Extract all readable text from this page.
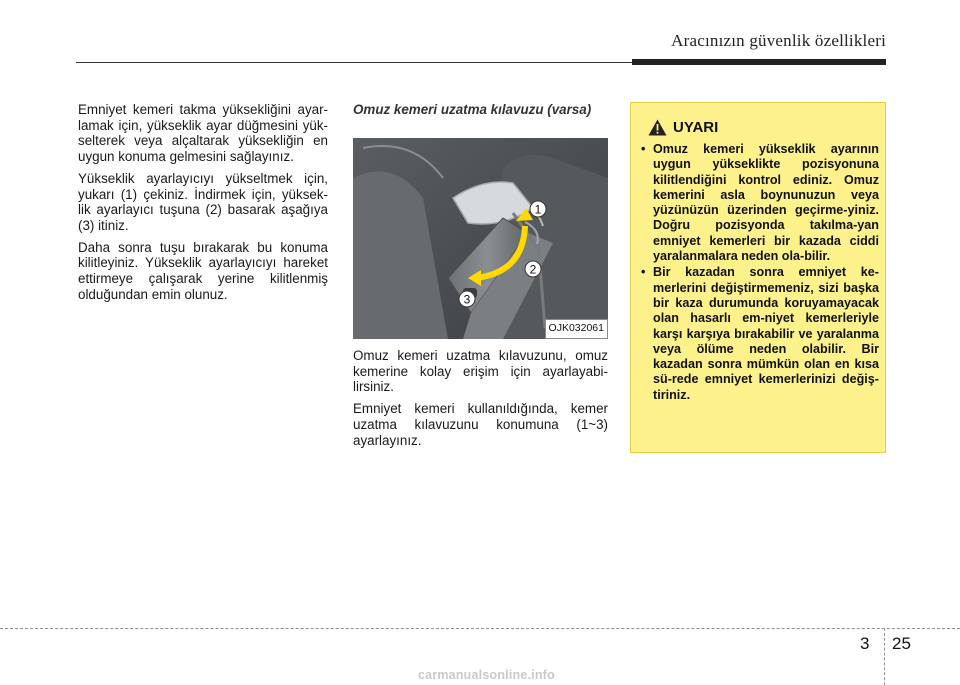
Aracınızın güvenlik özellikleri

Emniyet kemeri takma yüksekliğini ayar-lamak için, yükseklik ayar düğmesini yük-selterek veya alçaltarak yüksekliğin en uygun konuma gelmesini sağlayınız.

Yükseklik ayarlayıcıyı yükseltmek için, yukarı (1) çekiniz. İndirmek için, yüksek-lik ayarlayıcı tuşuna (2) basarak aşağıya (3) itiniz.

Daha sonra tuşu bırakarak bu konuma kilitleyiniz. Yükseklik ayarlayıcıyı hareket ettirmeye çalışarak yerine kilitlenmiş olduğundan emin olunuz.

Omuz kemeri uzatma kılavuzu (varsa)
1
2
3
OJK032061

Omuz kemeri uzatma kılavuzunu, omuz kemerine kolay erişim için ayarlayabi-lirsiniz.

Emniyet kemeri kullanıldığında, kemer uzatma kılavuzunu konumuna (1~3) ayarlayınız.

UYARI
• Omuz kemeri yükseklik ayarının uygun yükseklikte pozisyonuna kilitlendiğini kontrol ediniz. Omuz kemerini asla boynunuzun veya yüzünüzün üzerinden geçirme-yiniz. Doğru pozisyonda takılma-yan emniyet kemerleri bir kazada ciddi yaralanmalara neden ola-bilir.
• Bir kazadan sonra emniyet ke-merlerini değiştirmemeniz, sizi başka bir kaza durumunda koruyamayacak olan hasarlı em-niyet kemerleriyle karşı karşıya bırakabilir ve yaralanma veya ölüme neden olabilir. Bir kazadan sonra mümkün olan en kısa sü-rede emniyet kemerlerinizi değiş-tiriniz.
3 25
carmanualsonline.info
